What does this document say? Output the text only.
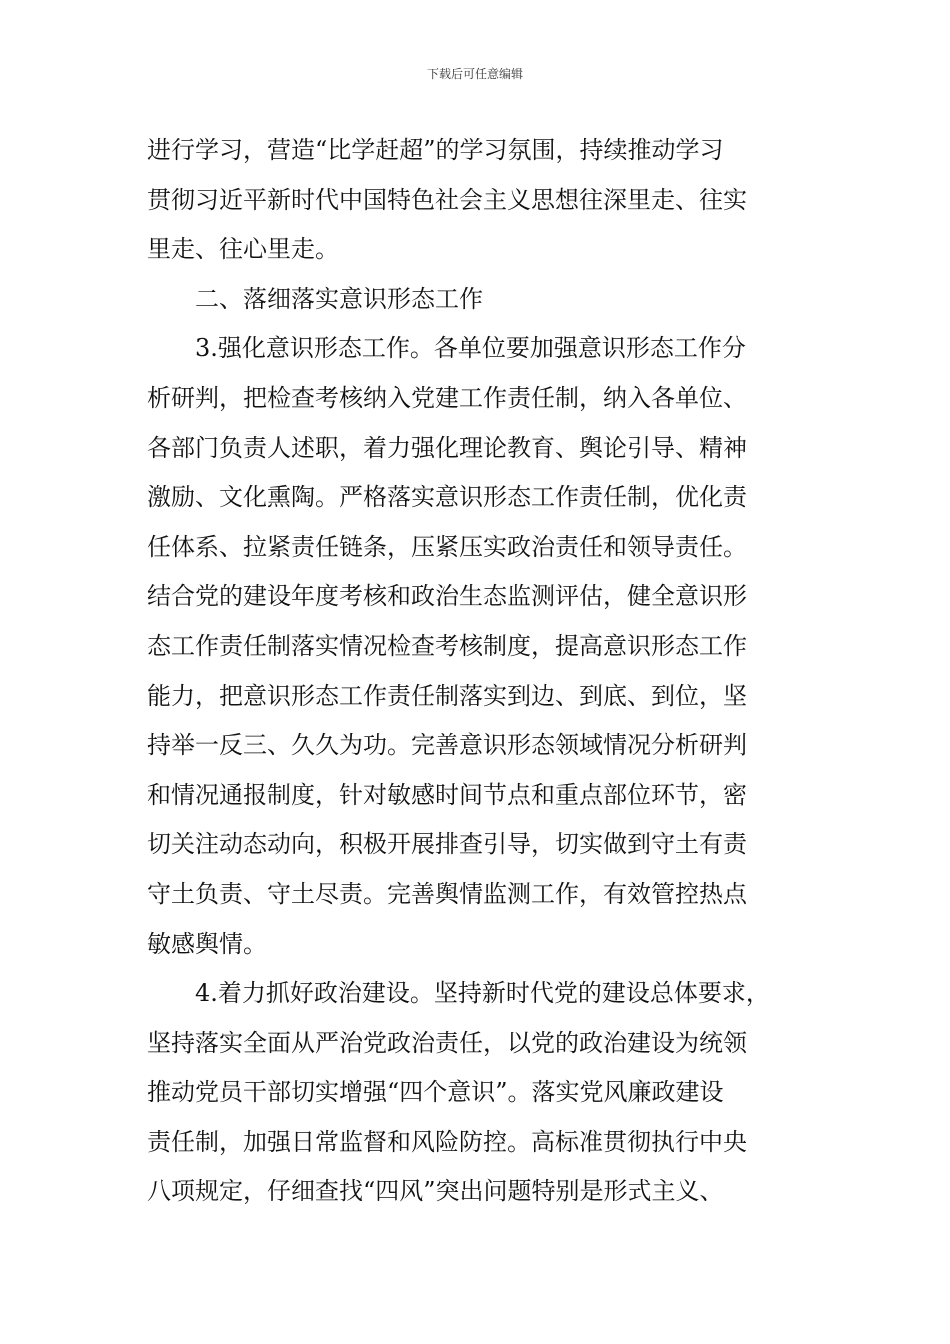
下载后可任意编辑
进行学习，营造“比学赶超”的学习氛围，持续推动学习
贯彻习近平新时代中国特色社会主义思想往深里走、往实
里走、往心里走。
二、落细落实意识形态工作
3.强化意识形态工作。各单位要加强意识形态工作分
析研判，把检查考核纳入党建工作责任制，纳入各单位、
各部门负责人述职，着力强化理论教育、舆论引导、精神
激励、文化熏陶。严格落实意识形态工作责任制，优化责
任体系、拉紧责任链条，压紧压实政治责任和领导责任。
结合党的建设年度考核和政治生态监测评估，健全意识形
态工作责任制落实情况检查考核制度，提高意识形态工作
能力，把意识形态工作责任制落实到边、到底、到位，坚
持举一反三、久久为功。完善意识形态领域情况分析研判
和情况通报制度，针对敏感时间节点和重点部位环节，密
切关注动态动向，积极开展排查引导，切实做到守土有责
守土负责、守土尽责。完善舆情监测工作，有效管控热点
敏感舆情。
4.着力抓好政治建设。坚持新时代党的建设总体要求，
坚持落实全面从严治党政治责任，以党的政治建设为统领
推动党员干部切实增强“四个意识”。落实党风廉政建设
责任制，加强日常监督和风险防控。高标准贯彻执行中央
八项规定，仔细查找“四风”突出问题特别是形式主义、
